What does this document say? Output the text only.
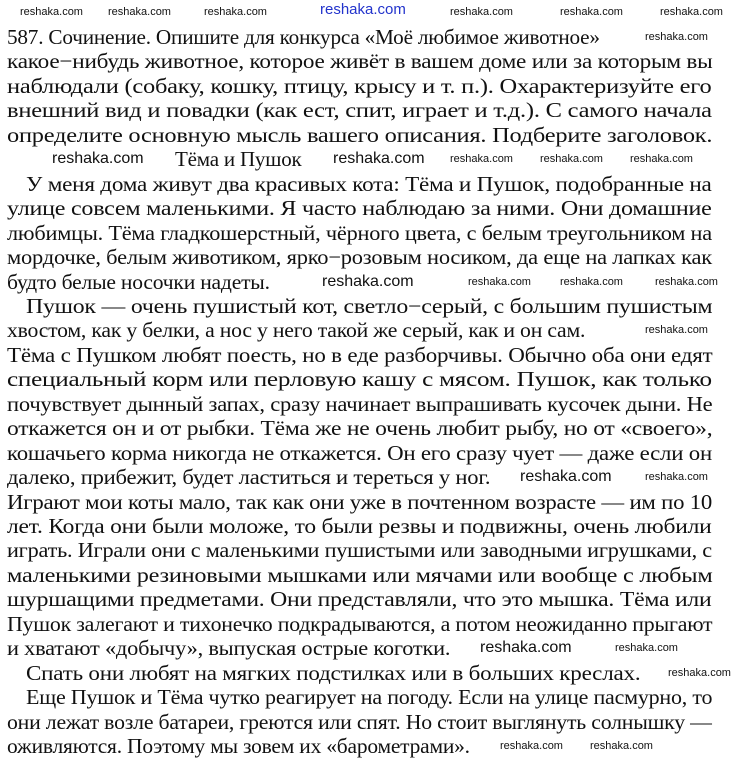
reshaka.com
587. Сочинение. Опишите для конкурса «Моё любимое животное»
какое−нибудь животное, которое живёт в вашем доме или за которым вы
наблюдали (собаку, кошку, птицу, крысу и т. п.). Охарактеризуйте его
внешний вид и повадки (как ест, спит, играет и т.д.). С самого начала
определите основную мысль вашего описания. Подберите заголовок.
Тёма и Пушок
У меня дома живут два красивых кота: Тёма и Пушок, подобранные на
улице совсем маленькими. Я часто наблюдаю за ними. Они домашние
любимцы. Тёма гладкошерстный, чёрного цвета, с белым треугольником на
мордочке, белым животиком, ярко−розовым носиком, да еще на лапках как
будто белые носочки надеты.
Пушок — очень пушистый кот, светло−серый, с большим пушистым
хвостом, как у белки, а нос у него такой же серый, как и он сам.
Тёма с Пушком любят поесть, но в еде разборчивы. Обычно оба они едят
специальный корм или перловую кашу с мясом. Пушок, как только
почувствует дынный запах, сразу начинает выпрашивать кусочек дыни. Не
откажется он и от рыбки. Тёма же не очень любит рыбу, но от «своего»,
кошачьего корма никогда не откажется. Он его сразу чует — даже если он
далеко, прибежит, будет ластиться и тереться у ног.
Играют мои коты мало, так как они уже в почтенном возрасте — им по 10
лет. Когда они были моложе, то были резвы и подвижны, очень любили
играть. Играли они с маленькими пушистыми или заводными игрушками, с
маленькими резиновыми мышками или мячами или вообще с любым
шуршащими предметами. Они представляли, что это мышка. Тёма или
Пушок залегают и тихонечко подкрадываются, а потом неожиданно прыгают
и хватают «добычу», выпуская острые коготки.
Спать они любят на мягких подстилках или в больших креслах.
Еще Пушок и Тёма чутко реагирует на погоду. Если на улице пасмурно, то
они лежат возле батареи, греются или спят. Но стоит выглянуть солнышку —
оживляются. Поэтому мы зовем их «барометрами».
reshaka.com reshaka.com	reshaka.com	reshaka.com	reshaka.com	reshaka.com
reshaka.com
reshaka.com	reshaka.com reshaka.com reshaka.com reshaka.com
reshaka.com	reshaka.com	reshaka.com	reshaka.com
reshaka.com
reshaka.com	reshaka.com
reshaka.com	reshaka.com
reshaka.com
reshaka.com reshaka.com
